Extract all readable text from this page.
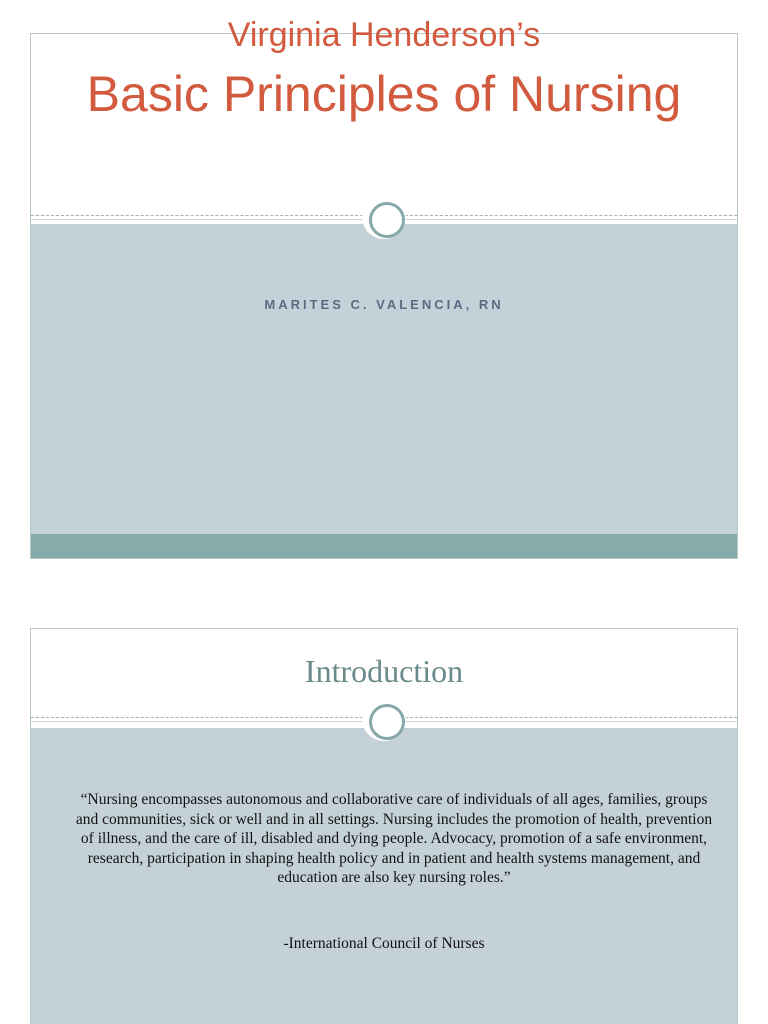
Virginia Henderson’s
Basic Principles of Nursing
MARITES C. VALENCIA, RN
Introduction
“Nursing encompasses autonomous and collaborative care of individuals of all ages, families, groups and communities, sick or well and in all settings. Nursing includes the promotion of health, prevention of illness, and the care of ill, disabled and dying people. Advocacy, promotion of a safe environment, research, participation in shaping health policy and in patient and health systems management, and education are also key nursing roles.”
-International Council of Nurses
